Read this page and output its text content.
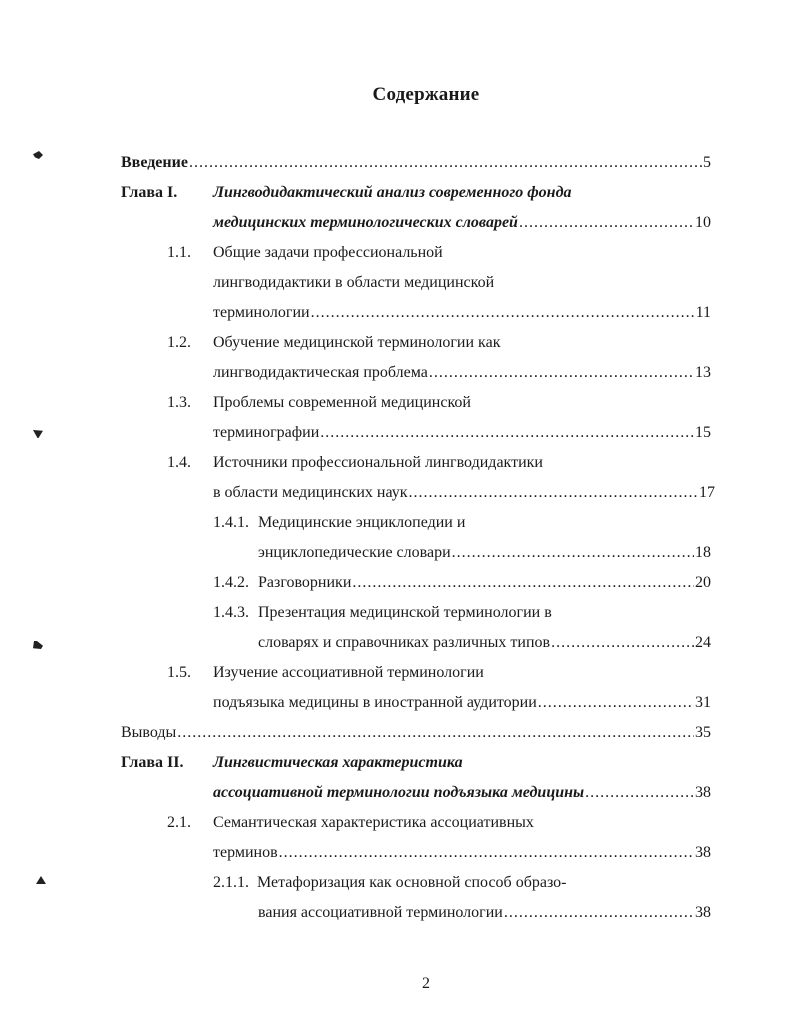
Содержание
Введение .....	5
Глава I. Лингводидактический анализ современного фонда
медицинских терминологических словарей .....	10
1.1. Общие задачи профессиональной
лингводидактики в области медицинской
терминологии .....	11
1.2. Обучение медицинской терминологии как
лингводидактическая проблема .....	13
1.3. Проблемы современной медицинской
терминографии .....	15
1.4. Источники профессиональной лингводидактики
в области медицинских наук .....	17
1.4.1. Медицинские энциклопедии и
энциклопедические словари .....	18
1.4.2. Разговорники .....	20
1.4.3. Презентация медицинской терминологии в
словарях и справочниках различных типов .....	24
1.5. Изучение ассоциативной терминологии
подъязыка медицины в иностранной аудитории .....	31
Выводы .....	35
Глава II. Лингвистическая характеристика
ассоциативной терминологии подъязыка медицины .....	38
2.1. Семантическая характеристика ассоциативных
терминов .....	38
2.1.1. Метафоризация как основной способ образо-
вания ассоциативной терминологии .....	38
2
